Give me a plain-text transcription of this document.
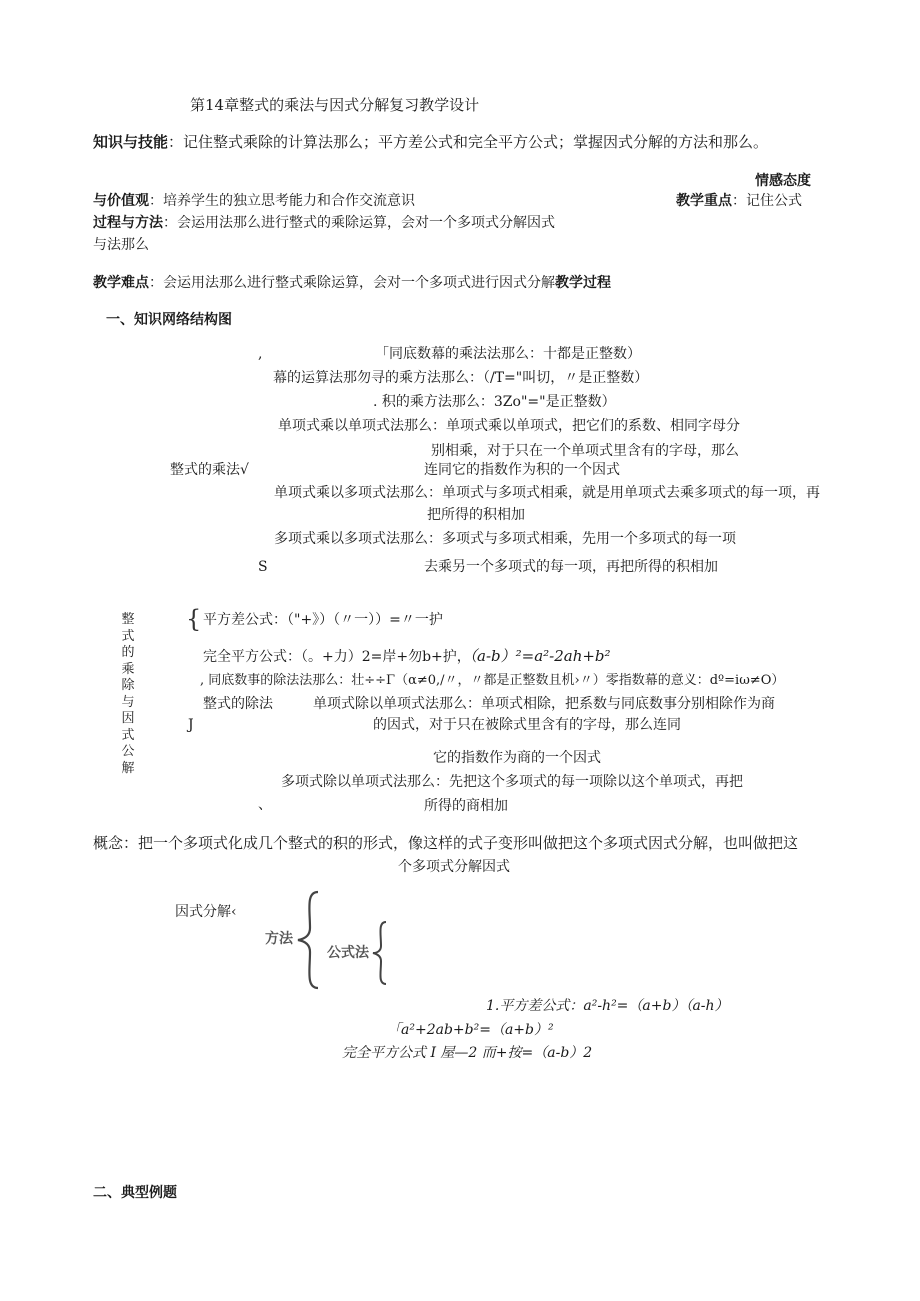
第14章整式的乘法与因式分解复习教学设计
知识与技能：记住整式乘除的计算法那么；平方差公式和完全平方公式；掌握因式分解的方法和那么。
情感态度
与价值观：培养学生的独立思考能力和合作交流意识	教学重点：记住公式
过程与方法：会运用法那么进行整式的乘除运算，会对一个多项式分解因式
与法那么
教学难点：会运用法那么进行整式乘除运算，会对一个多项式进行因式分解教学过程
一、知识网络结构图
,	「同底数幕的乘法法那么：十都是正整数）
幕的运算法那勿寻的乘方法那么：（/T="叫切，〃是正整数）
. 积的乘方法那么：3Zo"="是正整数）
单项式乘以单项式法那么：单项式乘以单项式，把它们的系数、相同字母分
别相乘，对于只在一个单项式里含有的字母，那么
整式的乘法√	连同它的指数作为积的一个因式
单项式乘以多项式法那么：单项式与多项式相乘，就是用单项式去乘多项式的每一项，再
把所得的积相加
多项式乘以多项式法那么：多项式与多项式相乘，先用一个多项式的每一项
S	去乘另一个多项式的每一项，再把所得的积相加
整式的乘除与因式公解
{ 平方差公式：（"+》）（〃一））=〃一护
完全平方公式：（。+力）2=岸+勿b+护，
（a-b）²=a²-2ah+b²
, 同底数事的除法法那么：壮÷÷Γ（α≠0,/〃，〃都是正整数且机›〃）零指数幕的意义：dº=iω≠O）
整式的除法	单项式除以单项式法那么：单项式相除，把系数与同底数事分别相除作为商
J	的因式，对于只在被除式里含有的字母，那么连同
它的指数作为商的一个因式
多项式除以单项式法那么：先把这个多项式的每一项除以这个单项式，再把
、	所得的商相加
概念：把一个多项式化成几个整式的积的形式，像这样的式子变形叫做把这个多项式因式分解，也叫做把这
个多项式分解因式
因式分解‹
方法
公式法
1.平方差公式：a²-h²=（a+b）（a-h）
「a²+2ab+b²=（a+b）²
完全平方公式 I 屋—2 而+按=（a-b）2
二、典型例题
